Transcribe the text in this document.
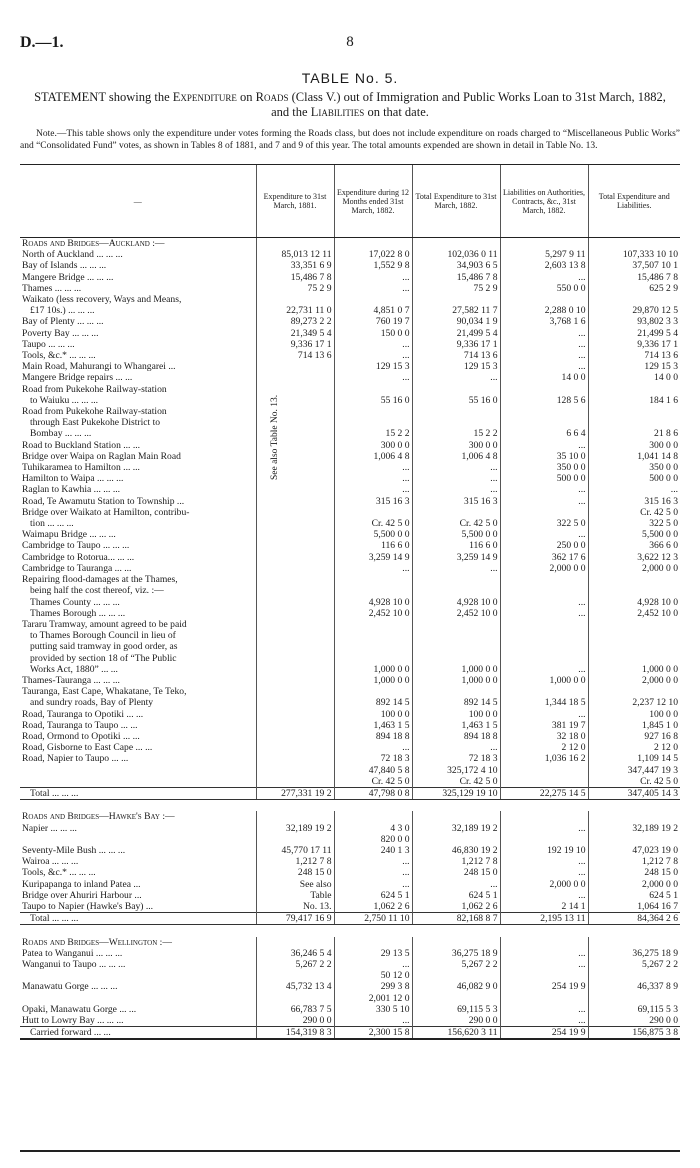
D.—1.	8
TABLE No. 5.
STATEMENT showing the Expenditure on Roads (Class V.) out of Immigration and Public Works Loan to 31st March, 1882, and the Liabilities on that date.
Note.—This table shows only the expenditure under votes forming the Roads class, but does not include expenditure on roads charged to “Miscellaneous Public Works” and “Consolidated Fund” votes, as shown in Tables 8 of 1881, and 7 and 9 of this year. The total amounts expended are shown in detail in Table No. 13.
—	Expenditure to 31st March, 1881.	Expenditure during 12 Months ended 31st March, 1882.	Total Expenditure to 31st March, 1882.	Liabilities on Authorities, Contracts, &c., 31st March, 1882.	Total Expenditure and Liabilities.
Roads and Bridges—Auckland :—					
North of Auckland ... ... ...	85,013 12 11	17,022 8 0	102,036 0 11	5,297 9 11	107,333 10 10
Bay of Islands ... ... ...	33,351 6 9	1,552 9 8	34,903 6 5	2,603 13 8	37,507 10 1
Mangere Bridge ... ... ...	15,486 7 8	...	15,486 7 8	...	15,486 7 8
Thames ... ... ...	75 2 9	...	75 2 9	550 0 0	625 2 9
Waikato (less recovery, Ways and Means,					
£17 10s.) ... ... ...	22,731 11 0	4,851 0 7	27,582 11 7	2,288 0 10	29,870 12 5
Bay of Plenty ... ... ...	89,273 2 2	760 19 7	90,034 1 9	3,768 1 6	93,802 3 3
Poverty Bay ... ... ...	21,349 5 4	150 0 0	21,499 5 4	...	21,499 5 4
Taupo ... ... ...	9,336 17 1	...	9,336 17 1	...	9,336 17 1
Tools, &c.* ... ... ...	714 13 6	...	714 13 6	...	714 13 6
Main Road, Mahurangi to Whangarei ...		129 15 3	129 15 3	...	129 15 3
Mangere Bridge repairs ... ...		...	...	14 0 0	14 0 0
Road from Pukekohe Railway-station					
to Waiuku ... ... ...		55 16 0	55 16 0	128 5 6	184 1 6
Road from Pukekohe Railway-station					
through East Pukekohe District to					
Bombay ... ... ...		15 2 2	15 2 2	6 6 4	21 8 6
Road to Buckland Station ... ...		300 0 0	300 0 0	...	300 0 0
Bridge over Waipa on Raglan Main Road		1,006 4 8	1,006 4 8	35 10 0	1,041 14 8
Tuhikaramea to Hamilton ... ...		...	...	350 0 0	350 0 0
Hamilton to Waipa ... ... ...		...	...	500 0 0	500 0 0
Raglan to Kawhia ... ... ...		...	...	...	...
Road, Te Awamutu Station to Township ...		315 16 3	315 16 3	...	315 16 3
Bridge over Waikato at Hamilton, contribu-					Cr. 42 5 0
tion ... ... ...		Cr. 42 5 0	Cr. 42 5 0	322 5 0	322 5 0
Waimapu Bridge ... ... ...		5,500 0 0	5,500 0 0	...	5,500 0 0
Cambridge to Taupo ... ... ...		116 6 0	116 6 0	250 0 0	366 6 0
Cambridge to Rotorua... ... ...		3,259 14 9	3,259 14 9	362 17 6	3,622 12 3
Cambridge to Tauranga ... ...		...	...	2,000 0 0	2,000 0 0
Repairing flood-damages at the Thames,					
being half the cost thereof, viz. :—					
Thames County ... ... ...		4,928 10 0	4,928 10 0	...	4,928 10 0
Thames Borough ... ... ...		2,452 10 0	2,452 10 0	...	2,452 10 0
Tararu Tramway, amount agreed to be paid					
to Thames Borough Council in lieu of					
putting said tramway in good order, as					
provided by section 18 of “The Public					
Works Act, 1880” ... ...		1,000 0 0	1,000 0 0	...	1,000 0 0
Thames-Tauranga ... ... ...		1,000 0 0	1,000 0 0	1,000 0 0	2,000 0 0
Tauranga, East Cape, Whakatane, Te Teko,					
and sundry roads, Bay of Plenty		892 14 5	892 14 5	1,344 18 5	2,237 12 10
Road, Tauranga to Opotiki ... ...		100 0 0	100 0 0	...	100 0 0
Road, Tauranga to Taupo ... ...		1,463 1 5	1,463 1 5	381 19 7	1,845 1 0
Road, Ormond to Opotiki ... ...		894 18 8	894 18 8	32 18 0	927 16 8
Road, Gisborne to East Cape ... ...		...	...	2 12 0	2 12 0
Road, Napier to Taupo ... ...		72 18 3	72 18 3	1,036 16 2	1,109 14 5
		47,840 5 8	325,172 4 10		347,447 19 3
		Cr. 42 5 0	Cr. 42 5 0		Cr. 42 5 0
Total ... ... ...	277,331 19 2	47,798 0 8	325,129 19 10	22,275 14 5	347,405 14 3

Roads and Bridges—Hawke's Bay :—					
Napier ... ... ...	32,189 19 2	4 3 0	32,189 19 2	...	32,189 19 2
		820 0 0			
Seventy-Mile Bush ... ... ...	45,770 17 11	240 1 3	46,830 19 2	192 19 10	47,023 19 0
Wairoa ... ... ...	1,212 7 8	...	1,212 7 8	...	1,212 7 8
Tools, &c.* ... ... ...	248 15 0	...	248 15 0	...	248 15 0
Kuripapanga to inland Patea ...	See also	...	...	2,000 0 0	2,000 0 0
Bridge over Ahuriri Harbour ...	Table	624 5 1	624 5 1	...	624 5 1
Taupo to Napier (Hawke's Bay) ...	No. 13.	1,062 2 6	1,062 2 6	2 14 1	1,064 16 7
Total ... ... ...	79,417 16 9	2,750 11 10	82,168 8 7	2,195 13 11	84,364 2 6

Roads and Bridges—Wellington :—					
Patea to Wanganui ... ... ...	36,246 5 4	29 13 5	36,275 18 9	...	36,275 18 9
Wanganui to Taupo ... ... ...	5,267 2 2	...	5,267 2 2	...	5,267 2 2
		50 12 0			
Manawatu Gorge ... ... ...	45,732 13 4	299 3 8	46,082 9 0	254 19 9	46,337 8 9
		2,001 12 0			
Opaki, Manawatu Gorge ... ...	66,783 7 5	330 5 10	69,115 5 3	...	69,115 5 3
Hutt to Lowry Bay ... ... ...	290 0 0	...	290 0 0	...	290 0 0
Carried forward ... ...	154,319 8 3	2,300 15 8	156,620 3 11	254 19 9	156,875 3 8
See also Table No. 13.
